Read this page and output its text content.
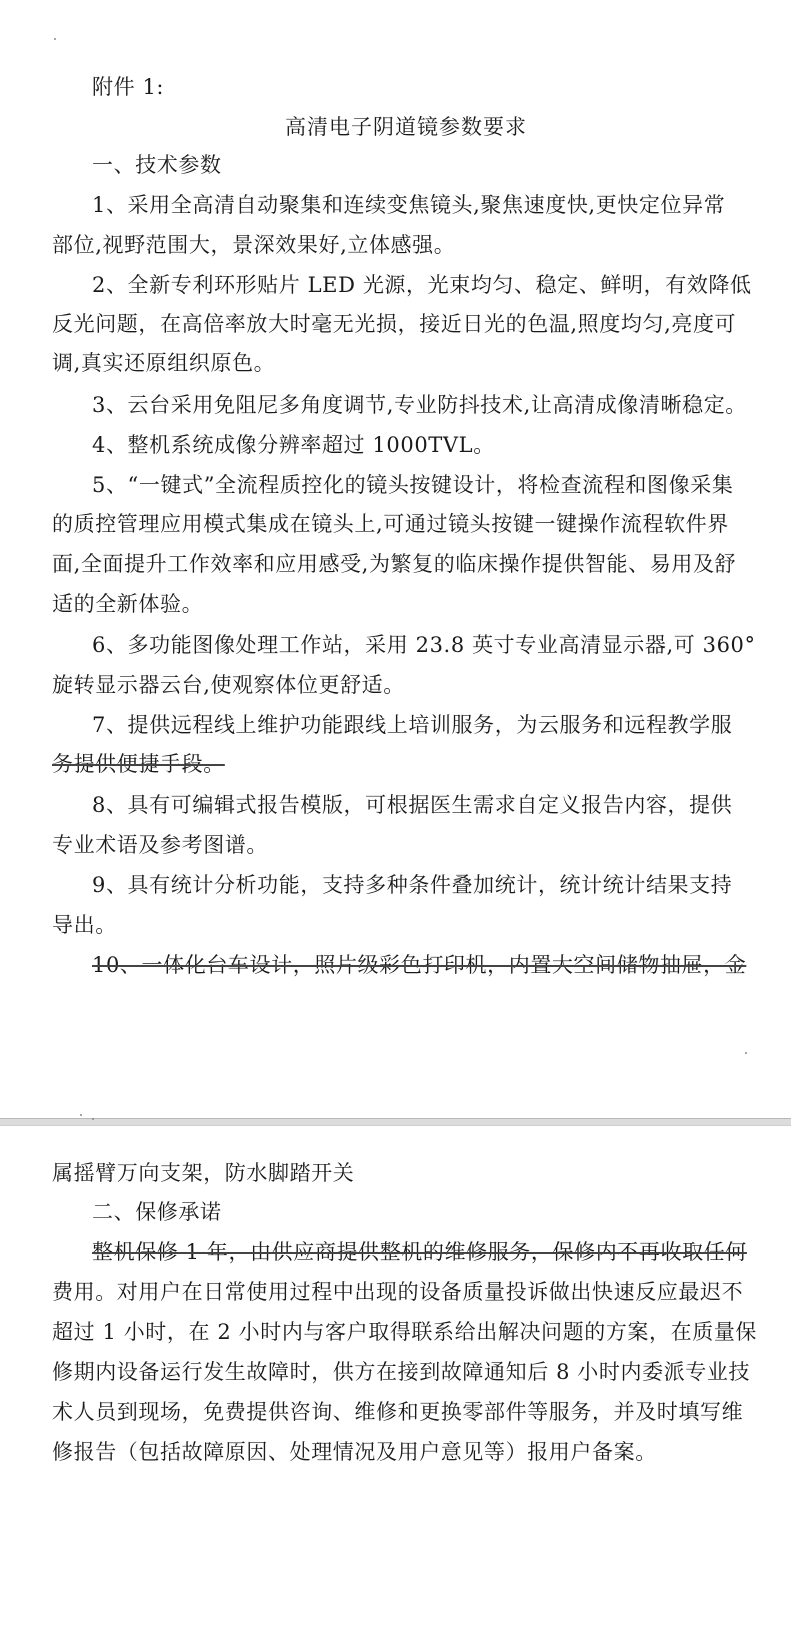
附件 1:
高清电子阴道镜参数要求
一、技术参数
1、采用全高清自动聚集和连续变焦镜头,聚焦速度快,更快定位异常
部位,视野范围大，景深效果好,立体感强。
2、全新专利环形贴片 LED 光源，光束均匀、稳定、鲜明，有效降低
反光问题，在高倍率放大时毫无光损，接近日光的色温,照度均匀,亮度可
调,真实还原组织原色。
3、云台采用免阻尼多角度调节,专业防抖技术,让高清成像清晰稳定。
4、整机系统成像分辨率超过 1000TVL。
5、“一键式”全流程质控化的镜头按键设计，将检查流程和图像采集
的质控管理应用模式集成在镜头上,可通过镜头按键一键操作流程软件界
面,全面提升工作效率和应用感受,为繁复的临床操作提供智能、易用及舒
适的全新体验。
6、多功能图像处理工作站，采用 23.8 英寸专业高清显示器,可 360°
旋转显示器云台,使观察体位更舒适。
7、提供远程线上维护功能跟线上培训服务，为云服务和远程教学服
务提供便捷手段。
8、具有可编辑式报告模版，可根据医生需求自定义报告内容，提供
专业术语及参考图谱。
9、具有统计分析功能，支持多种条件叠加统计，统计统计结果支持
导出。
10、一体化台车设计，照片级彩色打印机，内置大空间储物抽屉，金
属摇臂万向支架，防水脚踏开关
二、保修承诺
整机保修 1 年，由供应商提供整机的维修服务，保修内不再收取任何
费用。对用户在日常使用过程中出现的设备质量投诉做出快速反应最迟不
超过 1 小时，在 2 小时内与客户取得联系给出解决问题的方案，在质量保
修期内设备运行发生故障时，供方在接到故障通知后 8 小时内委派专业技
术人员到现场，免费提供咨询、维修和更换零部件等服务，并及时填写维
修报告（包括故障原因、处理情况及用户意见等）报用户备案。
